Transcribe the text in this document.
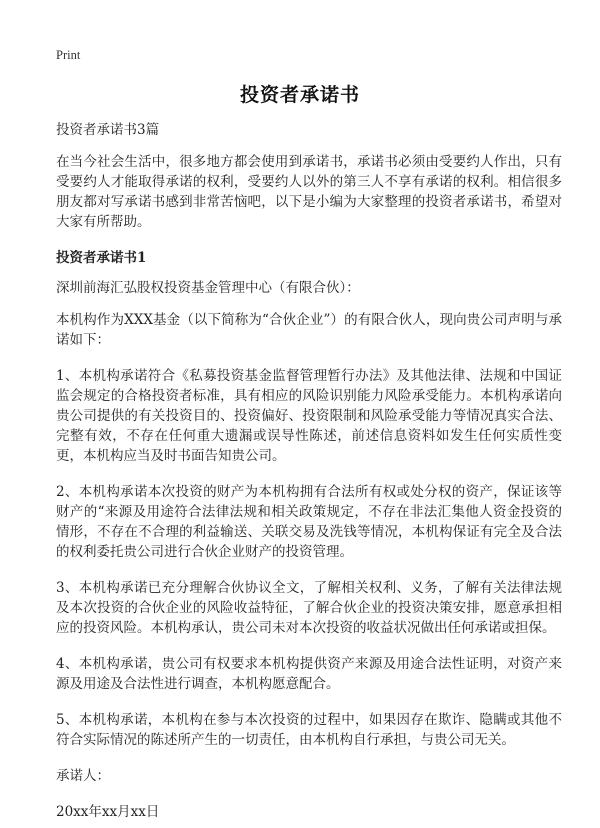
Print
投资者承诺书

投资者承诺书3篇

在当今社会生活中，很多地方都会使用到承诺书，承诺书必须由受要约人作出，只有受要约人才能取得承诺的权利，受要约人以外的第三人不享有承诺的权利。相信很多朋友都对写承诺书感到非常苦恼吧，以下是小编为大家整理的投资者承诺书，希望对大家有所帮助。

投资者承诺书1

深圳前海汇弘股权投资基金管理中心（有限合伙）：

本机构作为XXX基金（以下简称为“合伙企业”）的有限合伙人，现向贵公司声明与承诺如下：

1、本机构承诺符合《私募投资基金监督管理暂行办法》及其他法律、法规和中国证监会规定的合格投资者标准，具有相应的风险识别能力风险承受能力。本机构承诺向贵公司提供的有关投资目的、投资偏好、投资限制和风险承受能力等情况真实合法、完整有效，不存在任何重大遗漏或误导性陈述，前述信息资料如发生任何实质性变更，本机构应当及时书面告知贵公司。

2、本机构承诺本次投资的财产为本机构拥有合法所有权或处分权的资产，保证该等财产的“来源及用途符合法律法规和相关政策规定，不存在非法汇集他人资金投资的情形，不存在不合理的利益输送、关联交易及洗钱等情况，本机构保证有完全及合法的权利委托贵公司进行合伙企业财产的投资管理。

3、本机构承诺已充分理解合伙协议全文，了解相关权利、义务，了解有关法律法规及本次投资的合伙企业的风险收益特征，了解合伙企业的投资决策安排，愿意承担相应的投资风险。本机构承认，贵公司未对本次投资的收益状况做出任何承诺或担保。

4、本机构承诺，贵公司有权要求本机构提供资产来源及用途合法性证明，对资产来源及用途及合法性进行调查，本机构愿意配合。

5、本机构承诺，本机构在参与本次投资的过程中，如果因存在欺诈、隐瞒或其他不符合实际情况的陈述所产生的一切责任，由本机构自行承担，与贵公司无关。

承诺人：

20xx年xx月xx日
